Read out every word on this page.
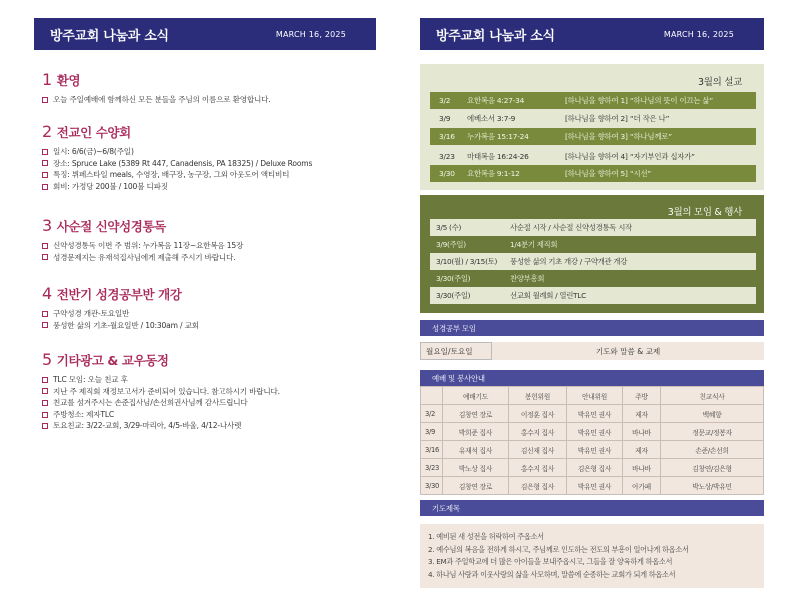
방주교회 나눔과 소식	MARCH 16, 2025
1 환영
오늘 주일예배에 함께하신 모든 분들을 주님의 이름으로 환영합니다.
2 전교인 수양회
일시: 6/6(금)~6/8(주일)
장소: Spruce Lake (5389 Rt 447, Canadensis, PA 18325) / Deluxe Rooms
특징: 뷔페스타일 meals, 수영장, 배구장, 농구장, 그외 아웃도어 액티비티
회비: 가정당 200불 / 100불 디파짓
3 사순절 신약성경통독
신약성경통독 이번 주 범위: 누가복음 11장~요한복음 15장
성경문제지는 유재석집사님에게 제출해 주시기 바랍니다.
4 전반기 성경공부반 개강
구약성경 개관-토요일반
풍성한 삶의 기초-월요일반 / 10:30am / 교회
5 기타광고 & 교우동정
TLC 모임: 오늘 친교 후
지난 주 제직회 재정보고서가 준비되어 있습니다. 참고하시기 바랍니다.
친교를 섬겨주시는 손준집사님/손선희권사님께 감사드립니다
주방청소: 제자TLC
토요친교: 3/22-교회, 3/29-마리아, 4/5-바울, 4/12-나사렛
방주교회 나눔과 소식	MARCH 16, 2025
3월의 설교
3/2	요한복음 4:27-34	[하나님을 향하여 1] “하나님의 뜻이 이끄는 삶”
3/9	에베소서 3:7-9	[하나님을 향하여 2] “더 작은 나”
3/16	누가복음 15:17-24	[하나님을 향하여 3] “하나님께로”
3/23	마태복음 16:24-26	[하나님을 향하여 4] “자기부인과 십자가”
3/30	요한복음 9:1-12	[하나님을 향하여 5] “시선”
3월의 모임 & 행사
3/5 (수)	사순절 시작 / 사순절 신약성경통독 시작
3/9(주일)	1/4분기 제직회
3/10(월) / 3/15(토)	풍성한 삶의 기초 개강 / 구약개관 개강
3/30(주일)	찬양부흥회
3/30(주일)	선교회 월례회 / 열린TLC
성경공부 모임
월요일/토요일	기도와 말씀 & 교제
예배 및 봉사안내
	예배기도	봉헌위원	안내위원	주방	친교식사
3/2	김창연 장로	이정훈 집사	박유민 권사	제자	백혜향
3/9	박희준 집사	홍수지 집사	박유민 권사	바나바	정문교/정봉자
3/16	유재석 집사	김신재 집사	박유민 권사	제자	손준/손선희
3/23	박노상 집사	홍수지 집사	김은형 집사	바나바	김창연/김은형
3/30	김창연 장로	김은형 집사	박유민 권사	아가페	박노상/박유민
기도제목
1. 예비된 새 성전을 허락하여 주옵소서
2. 예수님의 복음을 전하게 하시고, 주님께로 인도하는 전도의 부흥이 일어나게 하옵소서
3. EM과 주일학교에 더 많은 아이들을 보내주옵시고, 그들을 잘 양육하게 하옵소서
4. 하나님 사랑과 이웃사랑의 삶을 사모하며, 말씀에 순종하는 교회가 되게 하옵소서
